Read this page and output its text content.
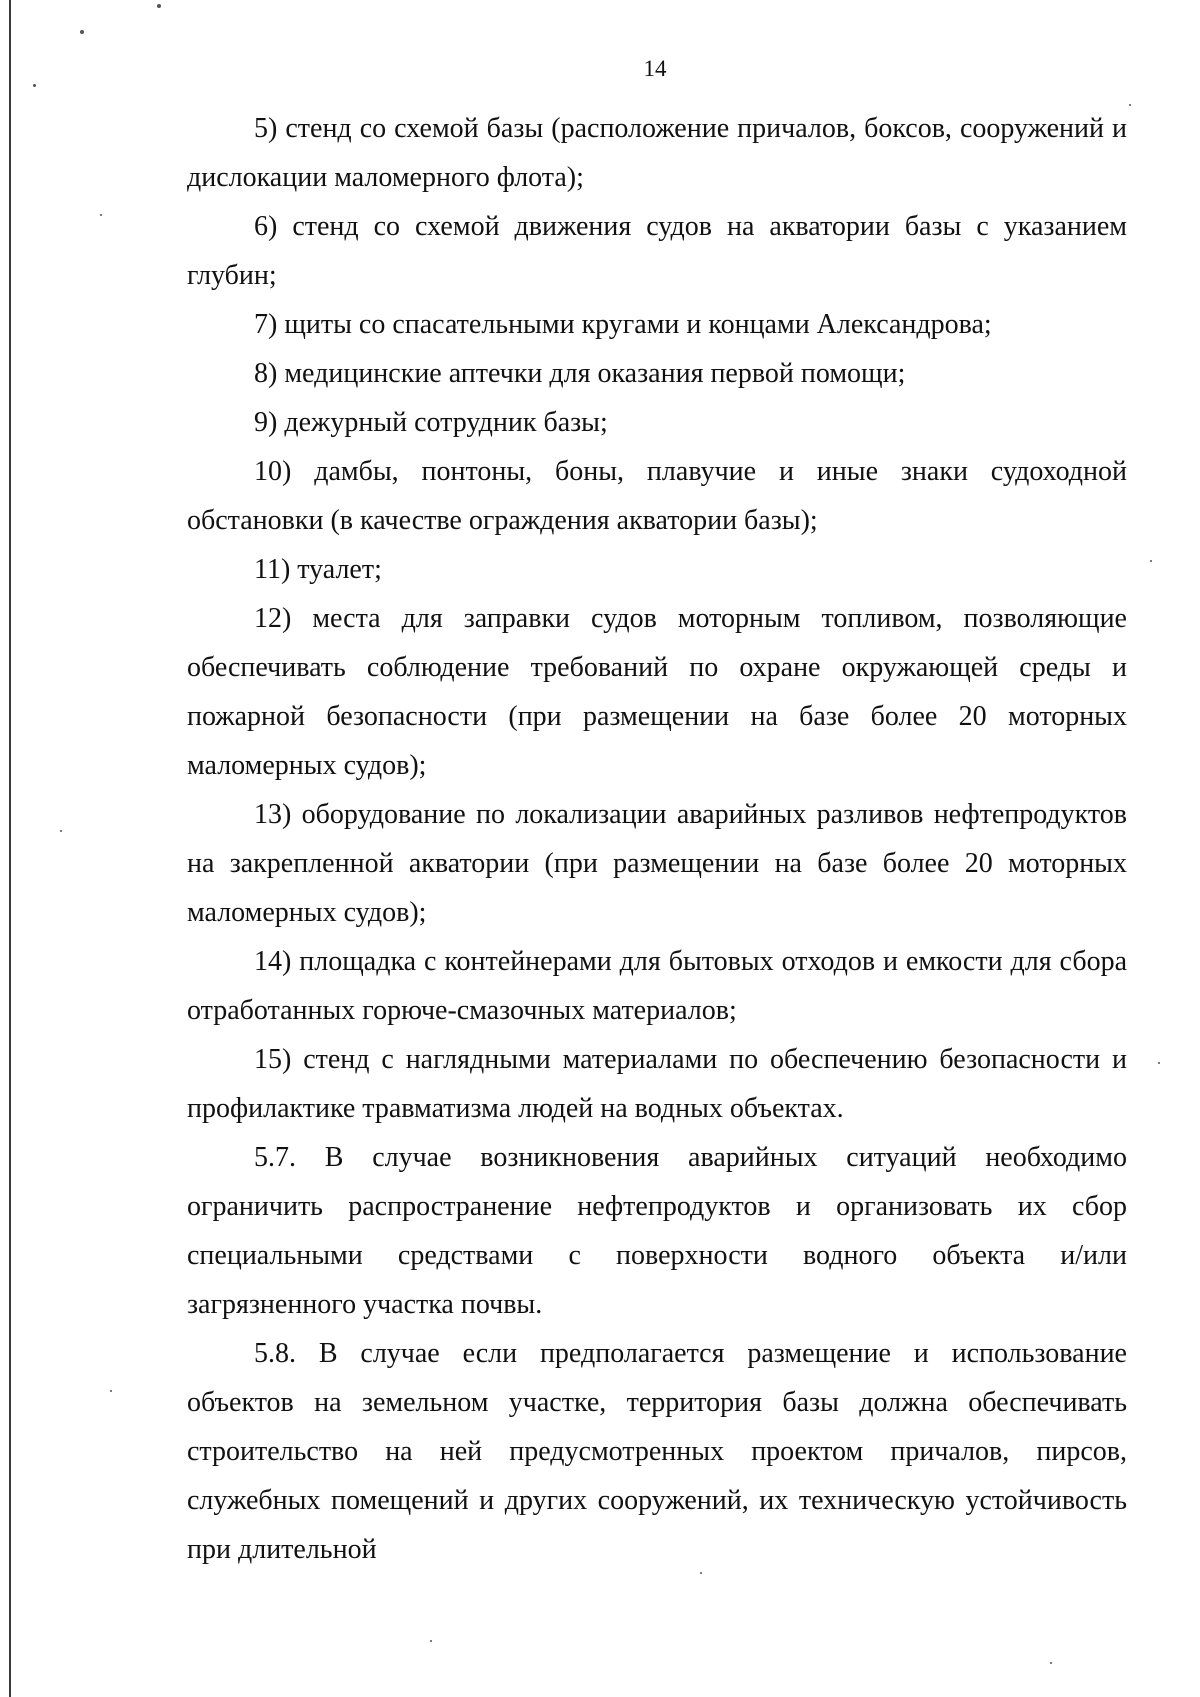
14

5) стенд со схемой базы (расположение причалов, боксов, сооружений и дислокации маломерного флота);

6) стенд со схемой движения судов на акватории базы с указанием глубин;

7) щиты со спасательными кругами и концами Александрова;

8) медицинские аптечки для оказания первой помощи;

9) дежурный сотрудник базы;

10) дамбы, понтоны, боны, плавучие и иные знаки судоходной обстановки (в качестве ограждения акватории базы);

11) туалет;

12) места для заправки судов моторным топливом, позволяющие обеспечивать соблюдение требований по охране окружающей среды и пожарной безопасности (при размещении на базе более 20 моторных маломерных судов);

13) оборудование по локализации аварийных разливов нефтепродуктов на закрепленной акватории (при размещении на базе более 20 моторных маломерных судов);

14) площадка с контейнерами для бытовых отходов и емкости для сбора отработанных горюче-смазочных материалов;

15) стенд с наглядными материалами по обеспечению безопасности и профилактике травматизма людей на водных объектах.

5.7. В случае возникновения аварийных ситуаций необходимо ограничить распространение нефтепродуктов и организовать их сбор специальными средствами с поверхности водного объекта и/или загрязненного участка почвы.

5.8. В случае если предполагается размещение и использование объектов на земельном участке, территория базы должна обеспечивать строительство на ней предусмотренных проектом причалов, пирсов, служебных помещений и других сооружений, их техническую устойчивость при длительной
